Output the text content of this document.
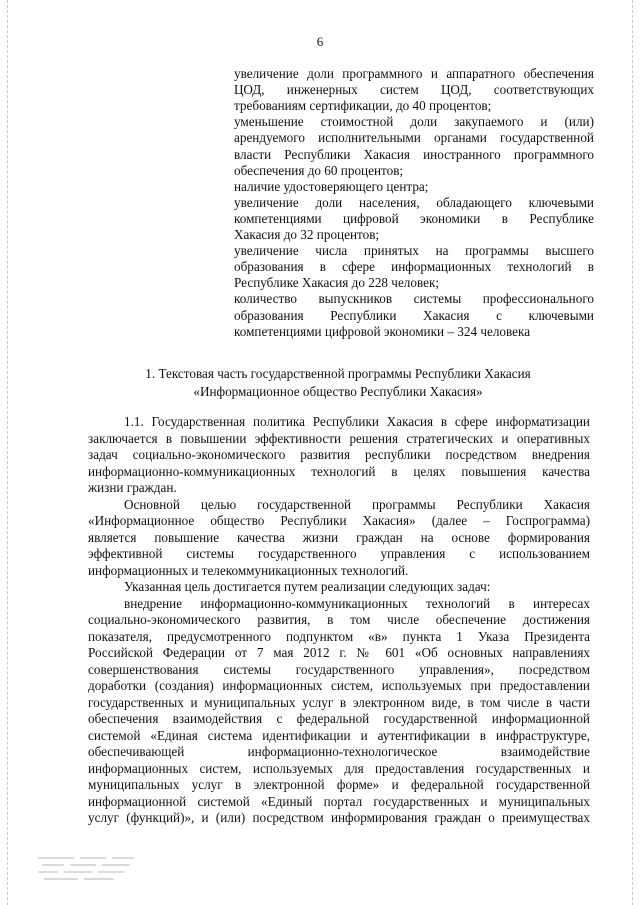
6
увеличение доли программного и аппаратного обеспечения
ЦОД, инженерных систем ЦОД, соответствующих
требованиям сертификации, до 40 процентов;
уменьшение стоимостной доли закупаемого и (или)
арендуемого исполнительными органами государственной
власти Республики Хакасия иностранного программного
обеспечения до 60 процентов;
наличие удостоверяющего центра;
увеличение доли населения, обладающего ключевыми
компетенциями цифровой экономики в Республике
Хакасия до 32 процентов;
увеличение числа принятых на программы высшего
образования в сфере информационных технологий в
Республике Хакасия до 228 человек;
количество выпускников системы профессионального
образования Республики Хакасия с ключевыми
компетенциями цифровой экономики – 324 человека
1. Текстовая часть государственной программы Республики Хакасия
«Информационное общество Республики Хакасия»
1.1. Государственная политика Республики Хакасия в сфере информатизации
заключается в повышении эффективности решения стратегических и оперативных
задач социально-экономического развития республики посредством внедрения
информационно-коммуникационных технологий в целях повышения качества
жизни граждан.
Основной целью государственной программы Республики Хакасия
«Информационное общество Республики Хакасия» (далее – Госпрограмма)
является повышение качества жизни граждан на основе формирования
эффективной системы государственного управления с использованием
информационных и телекоммуникационных технологий.
Указанная цель достигается путем реализации следующих задач:
внедрение информационно-коммуникационных технологий в интересах
социально-экономического развития, в том числе обеспечение достижения
показателя, предусмотренного подпунктом «в» пункта 1 Указа Президента
Российской Федерации от 7 мая 2012 г. № 601 «Об основных направлениях
совершенствования системы государственного управления», посредством
доработки (создания) информационных систем, используемых при предоставлении
государственных и муниципальных услуг в электронном виде, в том числе в части
обеспечения взаимодействия с федеральной государственной информационной
системой «Единая система идентификации и аутентификации в инфраструктуре,
обеспечивающей информационно-технологическое взаимодействие
информационных систем, используемых для предоставления государственных и
муниципальных услуг в электронной форме» и федеральной государственной
информационной системой «Единый портал государственных и муниципальных
услуг (функций)», и (или) посредством информирования граждан о преимуществах
